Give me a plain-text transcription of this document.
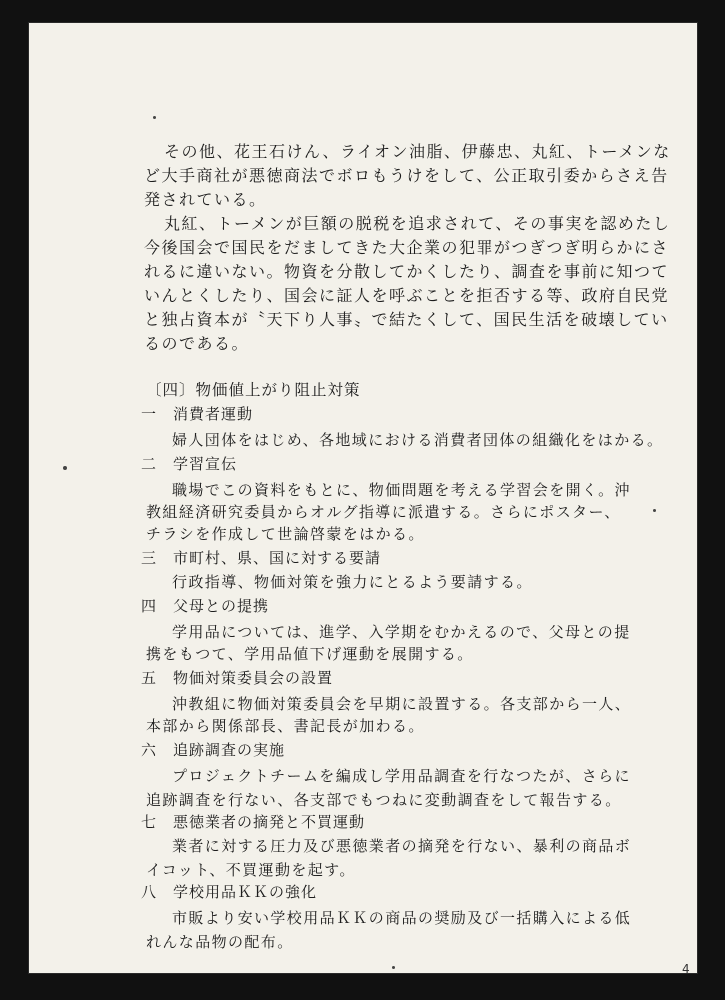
その他、花王石けん、ライオン油脂、伊藤忠、丸紅、トーメンな
ど大手商社が悪徳商法でボロもうけをして、公正取引委からさえ告
発されている。
丸紅、トーメンが巨額の脱税を追求されて、その事実を認めたし
今後国会で国民をだましてきた大企業の犯罪がつぎつぎ明らかにさ
れるに違いない。物資を分散してかくしたり、調査を事前に知つて
いんとくしたり、国会に証人を呼ぶことを拒否する等、政府自民党
と独占資本が〝天下り人事〟で結たくして、国民生活を破壊してい
るのである。
〔四〕物価値上がり阻止対策
一　消費者運動
婦人団体をはじめ、各地域における消費者団体の組織化をはかる。
二　学習宣伝
職場でこの資料をもとに、物価問題を考える学習会を開く。沖
教組経済研究委員からオルグ指導に派遣する。さらにポスター、
チラシを作成して世論啓蒙をはかる。
三　市町村、県、国に対する要請
行政指導、物価対策を強力にとるよう要請する。
四　父母との提携
学用品については、進学、入学期をむかえるので、父母との提
携をもつて、学用品値下げ運動を展開する。
五　物価対策委員会の設置
沖教組に物価対策委員会を早期に設置する。各支部から一人、
本部から関係部長、書記長が加わる。
六　追跡調査の実施
プロジェクトチームを編成し学用品調査を行なつたが、さらに
追跡調査を行ない、各支部でもつねに変動調査をして報告する。
七　悪徳業者の摘発と不買運動
業者に対する圧力及び悪徳業者の摘発を行ない、暴利の商品ボ
イコット、不買運動を起す。
八　学校用品ＫＫの強化
市販より安い学校用品ＫＫの商品の奨励及び一括購入による低
れんな品物の配布。
4
